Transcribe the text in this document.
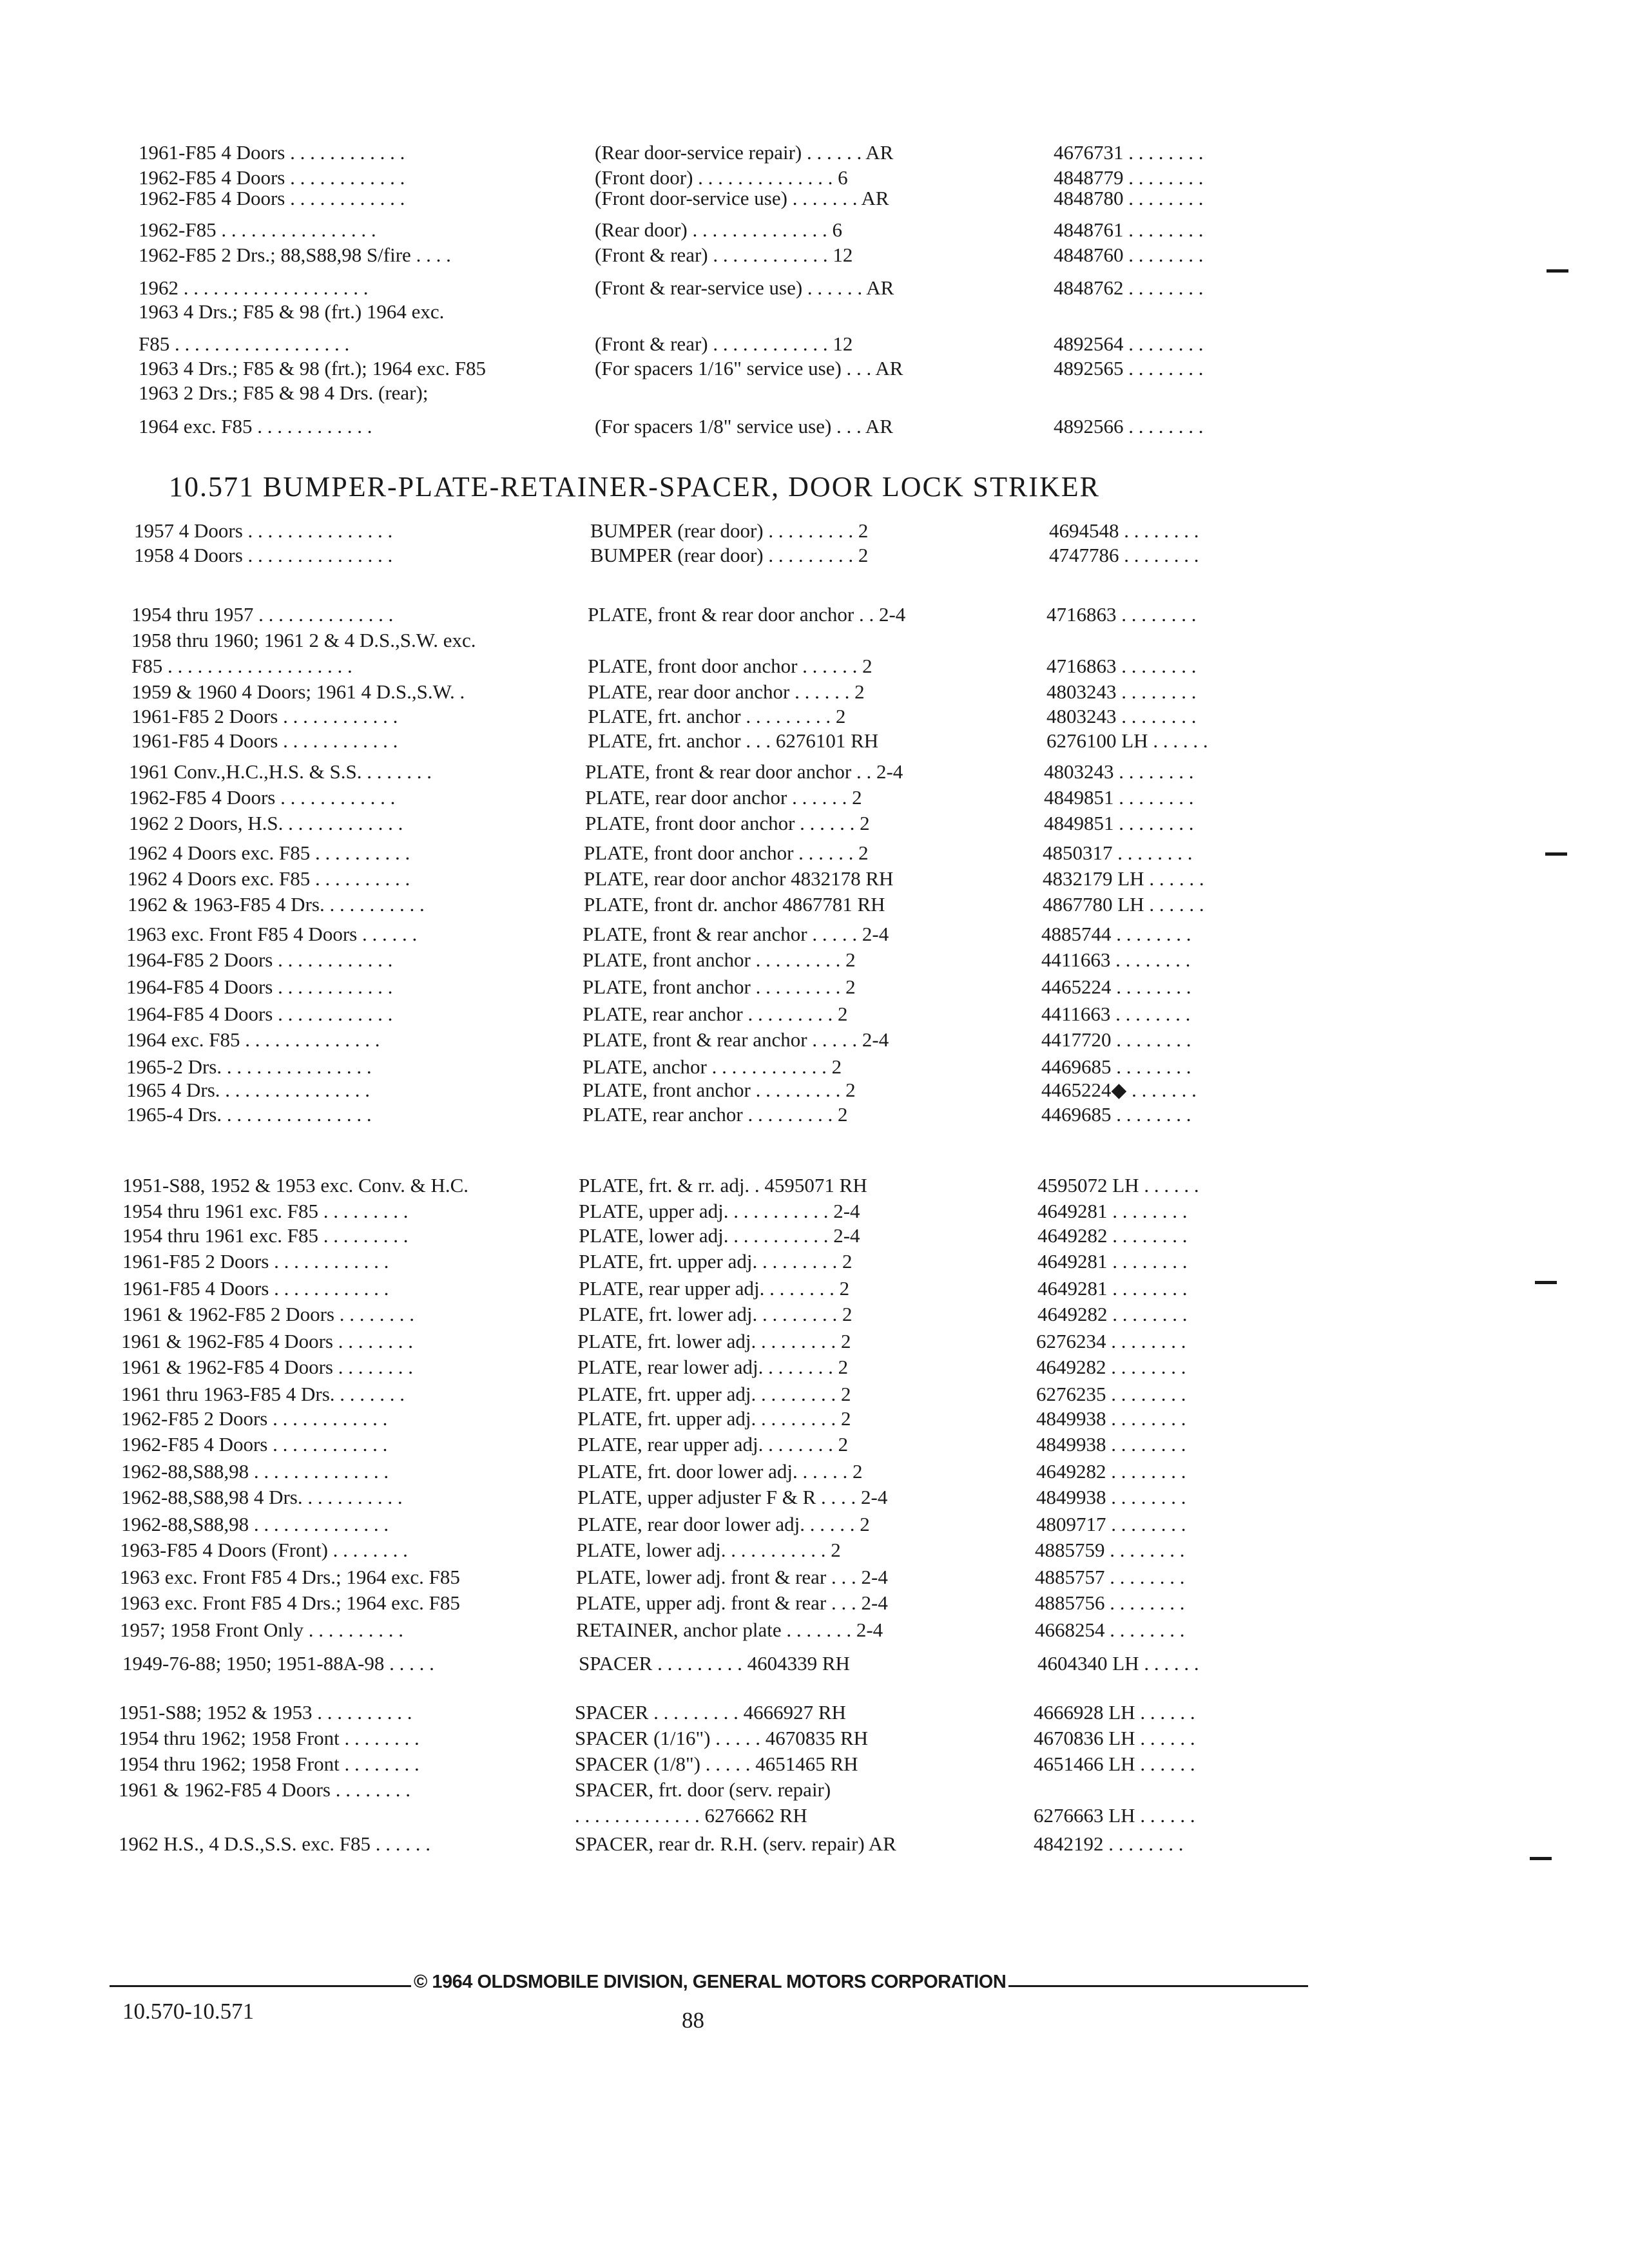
1961-F85 4 Doors . . . . . . . . . . . .	(Rear door-service repair) . . . . . . AR	4676731 . . . . . . . .
1962-F85 4 Doors . . . . . . . . . . . .	(Front door) . . . . . . . . . . . . . . 6	4848779 . . . . . . . .
1962-F85 4 Doors . . . . . . . . . . . .	(Front door-service use) . . . . . . . AR	4848780 . . . . . . . .
1962-F85 . . . . . . . . . . . . . . . .	(Rear door) . . . . . . . . . . . . . . 6	4848761 . . . . . . . .
1962-F85 2 Drs.; 88,S88,98 S/fire . . . .	(Front & rear) . . . . . . . . . . . . 12	4848760 . . . . . . . .
1962 . . . . . . . . . . . . . . . . . . .	(Front & rear-service use) . . . . . . AR	4848762 . . . . . . . .
1963 4 Drs.; F85 & 98 (frt.) 1964 exc.
F85 . . . . . . . . . . . . . . . . . .	(Front & rear) . . . . . . . . . . . . 12	4892564 . . . . . . . .
1963 4 Drs.; F85 & 98 (frt.); 1964 exc. F85	(For spacers 1/16" service use) . . . AR	4892565 . . . . . . . .
1963 2 Drs.; F85 & 98 4 Drs. (rear);
1964 exc. F85 . . . . . . . . . . . .	(For spacers 1/8" service use) . . . AR	4892566 . . . . . . . .
1957 4 Doors . . . . . . . . . . . . . . .	BUMPER (rear door) . . . . . . . . . 2	4694548 . . . . . . . .
1958 4 Doors . . . . . . . . . . . . . . .	BUMPER (rear door) . . . . . . . . . 2	4747786 . . . . . . . .
1954 thru 1957 . . . . . . . . . . . . . .	PLATE, front & rear door anchor . . 2-4	4716863 . . . . . . . .
1958 thru 1960; 1961 2 & 4 D.S.,S.W. exc.
F85 . . . . . . . . . . . . . . . . . . .	PLATE, front door anchor . . . . . . 2	4716863 . . . . . . . .
1959 & 1960 4 Doors; 1961 4 D.S.,S.W. .	PLATE, rear door anchor . . . . . . 2	4803243 . . . . . . . .
1961-F85 2 Doors . . . . . . . . . . . .	PLATE, frt. anchor . . . . . . . . . 2	4803243 . . . . . . . .
1961-F85 4 Doors . . . . . . . . . . . .	PLATE, frt. anchor . . . 6276101 RH	6276100 LH . . . . . .
1961 Conv.,H.C.,H.S. & S.S. . . . . . . .	PLATE, front & rear door anchor . . 2-4	4803243 . . . . . . . .
1962-F85 4 Doors . . . . . . . . . . . .	PLATE, rear door anchor . . . . . . 2	4849851 . . . . . . . .
1962 2 Doors, H.S. . . . . . . . . . . . .	PLATE, front door anchor . . . . . . 2	4849851 . . . . . . . .
1962 4 Doors exc. F85 . . . . . . . . . .	PLATE, front door anchor . . . . . . 2	4850317 . . . . . . . .
1962 4 Doors exc. F85 . . . . . . . . . .	PLATE, rear door anchor 4832178 RH	4832179 LH . . . . . .
1962 & 1963-F85 4 Drs. . . . . . . . . . .	PLATE, front dr. anchor 4867781 RH	4867780 LH . . . . . .
1963 exc. Front F85 4 Doors . . . . . .	PLATE, front & rear anchor . . . . . 2-4	4885744 . . . . . . . .
1964-F85 2 Doors . . . . . . . . . . . .	PLATE, front anchor . . . . . . . . . 2	4411663 . . . . . . . .
1964-F85 4 Doors . . . . . . . . . . . .	PLATE, front anchor . . . . . . . . . 2	4465224 . . . . . . . .
1964-F85 4 Doors . . . . . . . . . . . .	PLATE, rear anchor . . . . . . . . . 2	4411663 . . . . . . . .
1964 exc. F85 . . . . . . . . . . . . . .	PLATE, front & rear anchor . . . . . 2-4	4417720 . . . . . . . .
1965-2 Drs. . . . . . . . . . . . . . . .	PLATE, anchor . . . . . . . . . . . . 2	4469685 . . . . . . . .
1965 4 Drs. . . . . . . . . . . . . . . .	PLATE, front anchor . . . . . . . . . 2	4465224◆ . . . . . . .
1965-4 Drs. . . . . . . . . . . . . . . .	PLATE, rear anchor . . . . . . . . . 2	4469685 . . . . . . . .
1951-S88, 1952 & 1953 exc. Conv. & H.C.	PLATE, frt. & rr. adj. . 4595071 RH	4595072 LH . . . . . .
1954 thru 1961 exc. F85 . . . . . . . . .	PLATE, upper adj. . . . . . . . . . . 2-4	4649281 . . . . . . . .
1954 thru 1961 exc. F85 . . . . . . . . .	PLATE, lower adj. . . . . . . . . . . 2-4	4649282 . . . . . . . .
1961-F85 2 Doors . . . . . . . . . . . .	PLATE, frt. upper adj. . . . . . . . . 2	4649281 . . . . . . . .
1961-F85 4 Doors . . . . . . . . . . . .	PLATE, rear upper adj. . . . . . . . 2	4649281 . . . . . . . .
1961 & 1962-F85 2 Doors . . . . . . . .	PLATE, frt. lower adj. . . . . . . . . 2	4649282 . . . . . . . .
1961 & 1962-F85 4 Doors . . . . . . . .	PLATE, frt. lower adj. . . . . . . . . 2	6276234 . . . . . . . .
1961 & 1962-F85 4 Doors . . . . . . . .	PLATE, rear lower adj. . . . . . . . 2	4649282 . . . . . . . .
1961 thru 1963-F85 4 Drs. . . . . . . .	PLATE, frt. upper adj. . . . . . . . . 2	6276235 . . . . . . . .
1962-F85 2 Doors . . . . . . . . . . . .	PLATE, frt. upper adj. . . . . . . . . 2	4849938 . . . . . . . .
1962-F85 4 Doors . . . . . . . . . . . .	PLATE, rear upper adj. . . . . . . . 2	4849938 . . . . . . . .
1962-88,S88,98 . . . . . . . . . . . . . .	PLATE, frt. door lower adj. . . . . . 2	4649282 . . . . . . . .
1962-88,S88,98 4 Drs. . . . . . . . . . .	PLATE, upper adjuster F & R . . . . 2-4	4849938 . . . . . . . .
1962-88,S88,98 . . . . . . . . . . . . . .	PLATE, rear door lower adj. . . . . . 2	4809717 . . . . . . . .
1963-F85 4 Doors (Front) . . . . . . . .	PLATE, lower adj. . . . . . . . . . . 2	4885759 . . . . . . . .
1963 exc. Front F85 4 Drs.; 1964 exc. F85	PLATE, lower adj. front & rear . . . 2-4	4885757 . . . . . . . .
1963 exc. Front F85 4 Drs.; 1964 exc. F85	PLATE, upper adj. front & rear . . . 2-4	4885756 . . . . . . . .
1957; 1958 Front Only . . . . . . . . . .	RETAINER, anchor plate . . . . . . . 2-4	4668254 . . . . . . . .
1949-76-88; 1950; 1951-88A-98 . . . . .	SPACER . . . . . . . . . 4604339 RH	4604340 LH . . . . . .
1951-S88; 1952 & 1953 . . . . . . . . . .	SPACER . . . . . . . . . 4666927 RH	4666928 LH . . . . . .
1954 thru 1962; 1958 Front . . . . . . . .	SPACER (1/16") . . . . . 4670835 RH	4670836 LH . . . . . .
1954 thru 1962; 1958 Front . . . . . . . .	SPACER (1/8") . . . . . 4651465 RH	4651466 LH . . . . . .
1961 & 1962-F85 4 Doors . . . . . . . .	SPACER, frt. door (serv. repair)
. . . . . . . . . . . . . 6276662 RH	6276663 LH . . . . . .
1962 H.S., 4 D.S.,S.S. exc. F85 . . . . . .	SPACER, rear dr. R.H. (serv. repair) AR	4842192 . . . . . . . .
10.571 BUMPER-PLATE-RETAINER-SPACER, DOOR LOCK STRIKER
© 1964 OLDSMOBILE DIVISION, GENERAL MOTORS CORPORATION
10.570-10.571	88
